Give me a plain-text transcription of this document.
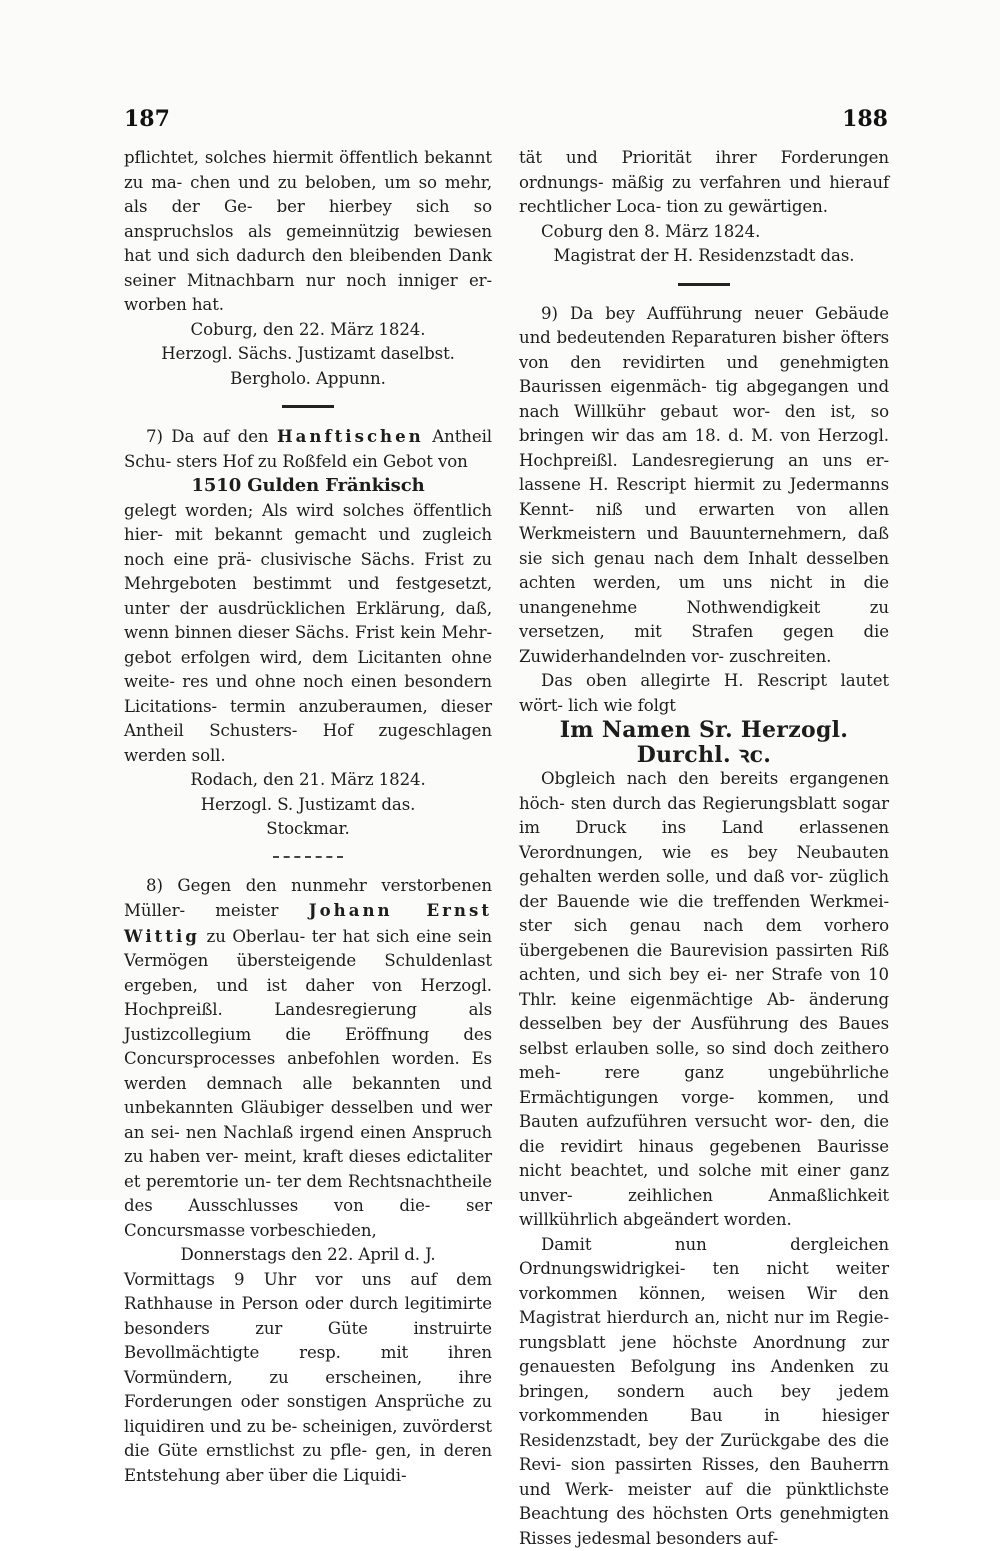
187	188

pflichtet, solches hiermit öffentlich bekannt zu ma- chen und zu beloben, um so mehr, als der Ge- ber hierbey sich so anspruchslos als gemeinnützig bewiesen hat und sich dadurch den bleibenden Dank seiner Mitnachbarn nur noch inniger er- worben hat.

Coburg, den 22. März 1824.

Herzogl. Sächs. Justizamt daselbst.

Bergholo. Appunn.

7) Da auf den Hanftischen Antheil Schu- sters Hof zu Roßfeld ein Gebot von

1510 Gulden Fränkisch

gelegt worden; Als wird solches öffentlich hier- mit bekannt gemacht und zugleich noch eine prä- clusivische Sächs. Frist zu Mehrgeboten bestimmt und festgesetzt, unter der ausdrücklichen Erklärung, daß, wenn binnen dieser Sächs. Frist kein Mehr- gebot erfolgen wird, dem Licitanten ohne weite- res und ohne noch einen besondern Licitations- termin anzuberaumen, dieser Antheil Schusters- Hof zugeschlagen werden soll.

Rodach, den 21. März 1824.

Herzogl. S. Justizamt das.

Stockmar.

8) Gegen den nunmehr verstorbenen Müller- meister Johann Ernst Wittig zu Oberlau- ter hat sich eine sein Vermögen übersteigende Schuldenlast ergeben, und ist daher von Herzogl. Hochpreißl. Landesregierung als Justizcollegium die Eröffnung des Concursprocesses anbefohlen worden. Es werden demnach alle bekannten und unbekannten Gläubiger desselben und wer an sei- nen Nachlaß irgend einen Anspruch zu haben ver- meint, kraft dieses edictaliter et peremtorie un- ter dem Rechtsnachtheile des Ausschlusses von die- ser Concursmasse vorbeschieden,

Donnerstags den 22. April d. J.

Vormittags 9 Uhr vor uns auf dem Rathhause in Person oder durch legitimirte besonders zur Güte instruirte Bevollmächtigte resp. mit ihren Vormündern, zu erscheinen, ihre Forderungen oder sonstigen Ansprüche zu liquidiren und zu be- scheinigen, zuvörderst die Güte ernstlichst zu pfle- gen, in deren Entstehung aber über die Liquidi-

tät und Priorität ihrer Forderungen ordnungs- mäßig zu verfahren und hierauf rechtlicher Loca- tion zu gewärtigen.

Coburg den 8. März 1824.

Magistrat der H. Residenzstadt das.

9) Da bey Aufführung neuer Gebäude und bedeutenden Reparaturen bisher öfters von den revidirten und genehmigten Baurissen eigenmäch- tig abgegangen und nach Willkühr gebaut wor- den ist, so bringen wir das am 18. d. M. von Herzogl. Hochpreißl. Landesregierung an uns er- lassene H. Rescript hiermit zu Jedermanns Kennt- niß und erwarten von allen Werkmeistern und Bauunternehmern, daß sie sich genau nach dem Inhalt desselben achten werden, um uns nicht in die unangenehme Nothwendigkeit zu versetzen, mit Strafen gegen die Zuwiderhandelnden vor- zuschreiten.

Das oben allegirte H. Rescript lautet wört- lich wie folgt

Im Namen Sr. Herzogl. Durchl. ꝛc.

Obgleich nach den bereits ergangenen höch- sten durch das Regierungsblatt sogar im Druck ins Land erlassenen Verordnungen, wie es bey Neubauten gehalten werden solle, und daß vor- züglich der Bauende wie die treffenden Werkmei- ster sich genau nach dem vorhero übergebenen die Baurevision passirten Riß achten, und sich bey ei- ner Strafe von 10 Thlr. keine eigenmächtige Ab- änderung desselben bey der Ausführung des Baues selbst erlauben solle, so sind doch zeithero meh- rere ganz ungebührliche Ermächtigungen vorge- kommen, und Bauten aufzuführen versucht wor- den, die die revidirt hinaus gegebenen Baurisse nicht beachtet, und solche mit einer ganz unver- zeihlichen Anmaßlichkeit willkührlich abgeändert worden.

Damit nun dergleichen Ordnungswidrigkei- ten nicht weiter vorkommen können, weisen Wir den Magistrat hierdurch an, nicht nur im Regie- rungsblatt jene höchste Anordnung zur genauesten Befolgung ins Andenken zu bringen, sondern auch bey jedem vorkommenden Bau in hiesiger Residenzstadt, bey der Zurückgabe des die Revi- sion passirten Risses, den Bauherrn und Werk- meister auf die pünktlichste Beachtung des höchsten Orts genehmigten Risses jedesmal besonders auf-
